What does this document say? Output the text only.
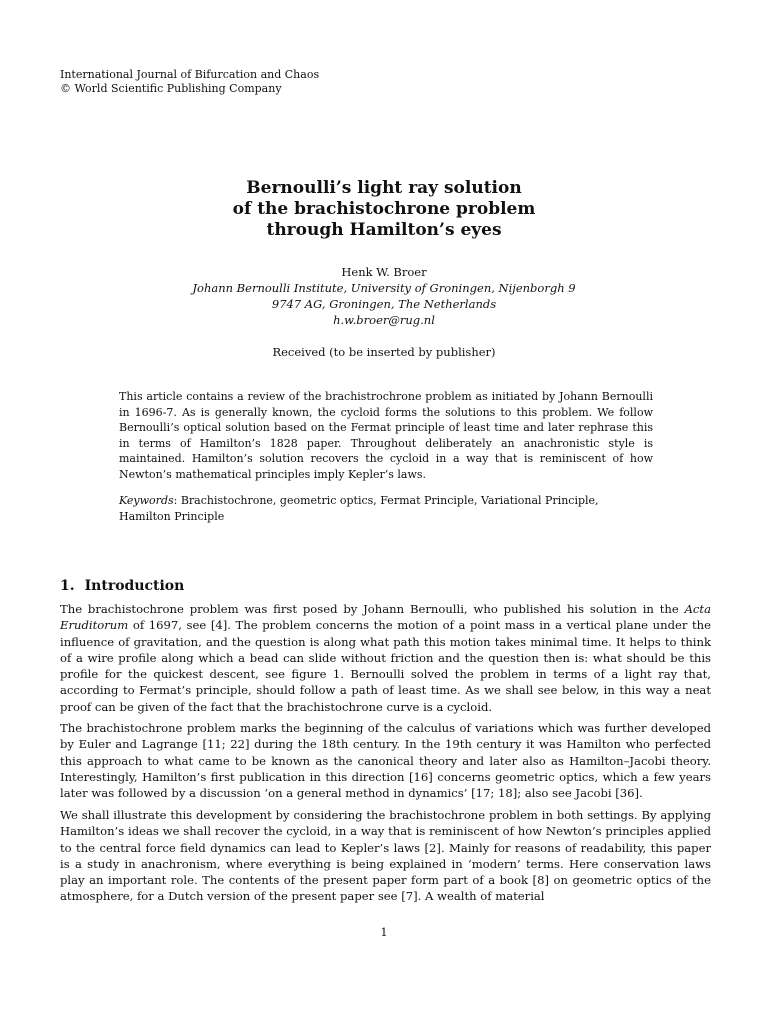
International Journal of Bifurcation and Chaos
© World Scientific Publishing Company
Bernoulli’s light ray solution
of the brachistochrone problem
through Hamilton’s eyes
Henk W. Broer
Johann Bernoulli Institute, University of Groningen, Nijenborgh 9
9747 AG, Groningen, The Netherlands
h.w.broer@rug.nl
Received (to be inserted by publisher)
This article contains a review of the brachistrochrone problem as initiated by Johann Bernoulli in 1696-7. As is generally known, the cycloid forms the solutions to this problem. We follow Bernoulli’s optical solution based on the Fermat principle of least time and later rephrase this in terms of Hamilton’s 1828 paper. Throughout deliberately an anachronistic style is maintained. Hamilton’s solution recovers the cycloid in a way that is reminiscent of how Newton’s mathematical principles imply Kepler’s laws.
Keywords: Brachistochrone, geometric optics, Fermat Principle, Variational Principle, Hamilton Principle
1. Introduction
The brachistochrone problem was first posed by Johann Bernoulli, who published his solution in the Acta Eruditorum of 1697, see [4]. The problem concerns the motion of a point mass in a vertical plane under the influence of gravitation, and the question is along what path this motion takes minimal time. It helps to think of a wire profile along which a bead can slide without friction and the question then is: what should be this profile for the quickest descent, see figure 1. Bernoulli solved the problem in terms of a light ray that, according to Fermat’s principle, should follow a path of least time. As we shall see below, in this way a neat proof can be given of the fact that the brachistochrone curve is a cycloid.
The brachistochrone problem marks the beginning of the calculus of variations which was further developed by Euler and Lagrange [11; 22] during the 18th century. In the 19th century it was Hamilton who perfected this approach to what came to be known as the canonical theory and later also as Hamilton–Jacobi theory. Interestingly, Hamilton’s first publication in this direction [16] concerns geometric optics, which a few years later was followed by a discussion ‘on a general method in dynamics’ [17; 18]; also see Jacobi [36].
We shall illustrate this development by considering the brachistochrone problem in both settings. By applying Hamilton’s ideas we shall recover the cycloid, in a way that is reminiscent of how Newton’s principles applied to the central force field dynamics can lead to Kepler’s laws [2]. Mainly for reasons of readability, this paper is a study in anachronism, where everything is being explained in ‘modern’ terms. Here conservation laws play an important role. The contents of the present paper form part of a book [8] on geometric optics of the atmosphere, for a Dutch version of the present paper see [7]. A wealth of material
1
